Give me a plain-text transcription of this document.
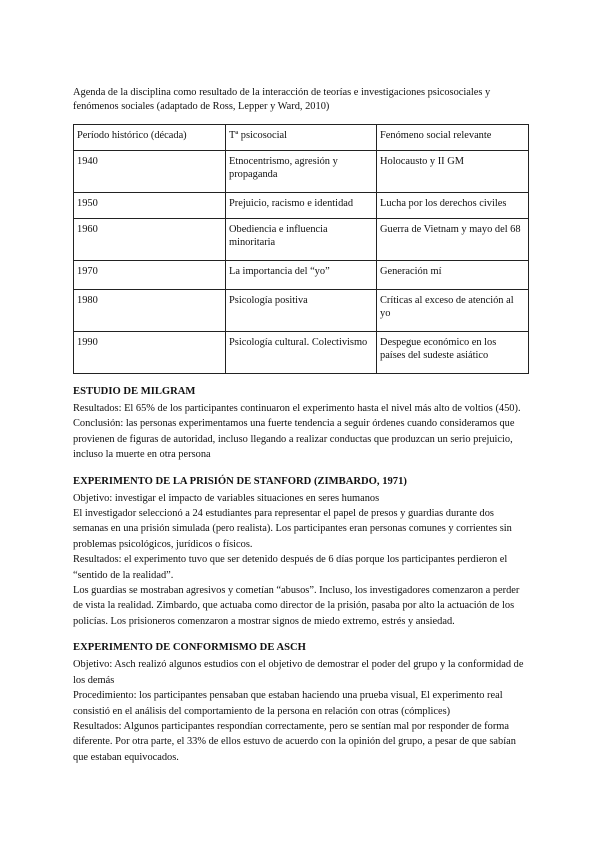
Agenda de la disciplina como resultado de la interacción de teorías e investigaciones psicosociales y fenómenos sociales (adaptado de Ross, Lepper y Ward, 2010)

Período histórico (década)	Tª psicosocial	Fenómeno social relevante
1940	Etnocentrismo, agresión y propaganda	Holocausto y II GM
1950	Prejuicio, racismo e identidad	Lucha por los derechos civiles
1960	Obediencia e influencia minoritaria	Guerra de Vietnam y mayo del 68
1970	La importancia del “yo”	Generación mí
1980	Psicología positiva	Críticas al exceso de atención al yo
1990	Psicología cultural. Colectivismo	Despegue económico en los países del sudeste asiático
ESTUDIO DE MILGRAM

Resultados: El 65% de los participantes continuaron el experimento hasta el nivel más alto de voltios (450).

Conclusión: las personas experimentamos una fuerte tendencia a seguir órdenes cuando consideramos que provienen de figuras de autoridad, incluso llegando a realizar conductas que produzcan un serio prejuicio, incluso la muerte en otra persona

EXPERIMENTO DE LA PRISIÓN DE STANFORD (ZIMBARDO, 1971)

Objetivo: investigar el impacto de variables situaciones en seres humanos

El investigador seleccionó a 24 estudiantes para representar el papel de presos y guardias durante dos semanas en una prisión simulada (pero realista). Los participantes eran personas comunes y corrientes sin problemas psicológicos, jurídicos o físicos.

Resultados: el experimento tuvo que ser detenido después de 6 días porque los participantes perdieron el “sentido de la realidad”.

Los guardias se mostraban agresivos y cometían “abusos”. Incluso, los investigadores comenzaron a perder de vista la realidad. Zimbardo, que actuaba como director de la prisión, pasaba por alto la actuación de los policías. Los prisioneros comenzaron a mostrar signos de miedo extremo, estrés y ansiedad.

EXPERIMENTO DE CONFORMISMO DE ASCH

Objetivo: Asch realizó algunos estudios con el objetivo de demostrar el poder del grupo y la conformidad de los demás

Procedimiento: los participantes pensaban que estaban haciendo una prueba visual, El experimento real consistió en el análisis del comportamiento de la persona en relación con otras (cómplices)

Resultados: Algunos participantes respondían correctamente, pero se sentían mal por responder de forma diferente. Por otra parte, el 33% de ellos estuvo de acuerdo con la opinión del grupo, a pesar de que sabían que estaban equivocados.
